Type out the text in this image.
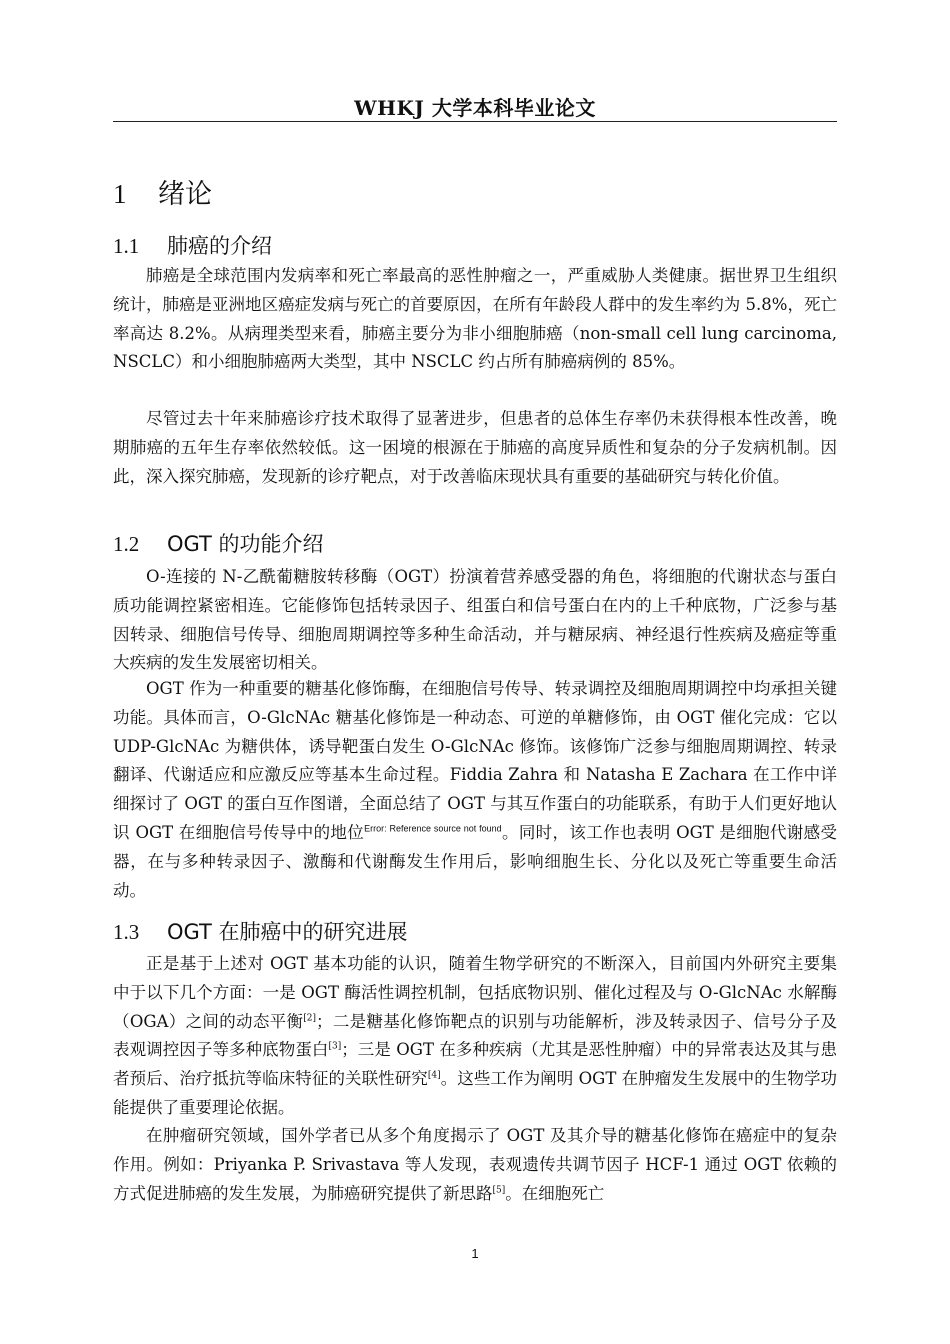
WHKJ 大学本科毕业论文
1 绪论
1.1 肺癌的介绍

肺癌是全球范围内发病率和死亡率最高的恶性肿瘤之一，严重威胁人类健康。据世界卫生组织统计，肺癌是亚洲地区癌症发病与死亡的首要原因，在所有年龄段人群中的发生率约为 5.8%，死亡率高达 8.2%。从病理类型来看，肺癌主要分为非小细胞肺癌（non-small cell lung carcinoma, NSCLC）和小细胞肺癌两大类型，其中 NSCLC 约占所有肺癌病例的 85%。

尽管过去十年来肺癌诊疗技术取得了显著进步，但患者的总体生存率仍未获得根本性改善，晚期肺癌的五年生存率依然较低。这一困境的根源在于肺癌的高度异质性和复杂的分子发病机制。因此，深入探究肺癌，发现新的诊疗靶点，对于改善临床现状具有重要的基础研究与转化价值。

1.2 OGT 的功能介绍

O-连接的 N-乙酰葡糖胺转移酶（OGT）扮演着营养感受器的角色，将细胞的代谢状态与蛋白质功能调控紧密相连。它能修饰包括转录因子、组蛋白和信号蛋白在内的上千种底物，广泛参与基因转录、细胞信号传导、细胞周期调控等多种生命活动，并与糖尿病、神经退行性疾病及癌症等重大疾病的发生发展密切相关。

OGT 作为一种重要的糖基化修饰酶，在细胞信号传导、转录调控及细胞周期调控中均承担关键功能。具体而言，O-GlcNAc 糖基化修饰是一种动态、可逆的单糖修饰，由 OGT 催化完成：它以 UDP-GlcNAc 为糖供体，诱导靶蛋白发生 O-GlcNAc 修饰。该修饰广泛参与细胞周期调控、转录翻译、代谢适应和应激反应等基本生命过程。Fiddia Zahra 和 Natasha E Zachara 在工作中详细探讨了 OGT 的蛋白互作图谱，全面总结了 OGT 与其互作蛋白的功能联系，有助于人们更好地认识 OGT 在细胞信号传导中的地位$^{Error: Reference source not found}$。同时，该工作也表明 OGT 是细胞代谢感受器，在与多种转录因子、激酶和代谢酶发生作用后，影响细胞生长、分化以及死亡等重要生命活动。

1.3 OGT 在肺癌中的研究进展

正是基于上述对 OGT 基本功能的认识，随着生物学研究的不断深入，目前国内外研究主要集中于以下几个方面：一是 OGT 酶活性调控机制，包括底物识别、催化过程及与 O-GlcNAc 水解酶（OGA）之间的动态平衡[2]；二是糖基化修饰靶点的识别与功能解析，涉及转录因子、信号分子及表观调控因子等多种底物蛋白[3]；三是 OGT 在多种疾病（尤其是恶性肿瘤）中的异常表达及其与患者预后、治疗抵抗等临床特征的关联性研究[4]。这些工作为阐明 OGT 在肿瘤发生发展中的生物学功能提供了重要理论依据。

在肿瘤研究领域，国外学者已从多个角度揭示了 OGT 及其介导的糖基化修饰在癌症中的复杂作用。例如：Priyanka P. Srivastava 等人发现，表观遗传共调节因子 HCF-1 通过 OGT 依赖的方式促进肺癌的发生发展，为肺癌研究提供了新思路[5]。在细胞死亡

1
